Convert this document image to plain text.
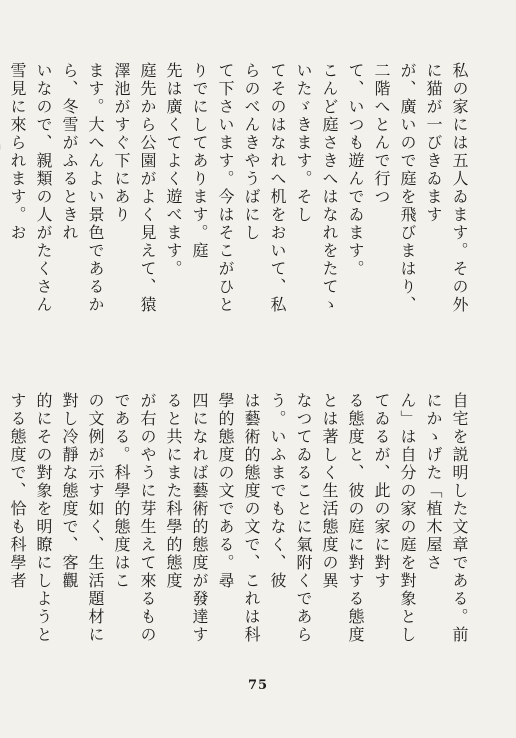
私の家には五人ゐます。その外に猫が一びきゐます
が、廣いので庭を飛びまはり、二階へとんで行つ
て、いつも遊んでゐます。
こんど庭さきへはなれをたてゝいたゞきます。そし
てそのはなれへ机をおいて、私らのべんきやうばにし
て下さいます。今はそこがひとりでにしてあります。庭
先は廣くてよく遊べます。
庭先から公園がよく見えて、猿澤池がすぐ下にあり
ます。大へんよい景色であるから、冬雪がふるときれ
いなので、親類の人がたくさん雪見に來られます。お
自宅を説明した文章である。前にかゝげた「植木屋さ
ん」は自分の家の庭を對象としてゐるが、此の家に對す
る態度と、彼の庭に對する態度とは著しく生活態度の異
なつてゐることに氣附くであらう。いふまでもなく、彼
は藝術的態度の文で、これは科學的態度の文である。尋
四になれば藝術的態度が發達すると共にまた科學的態度
が右のやうに芽生えて來るものである。科學的態度はこ
の文例が示す如く、生活題材に對し冷靜な態度で、客觀
的にその對象を明瞭にしようとする態度で、恰も科學者
75
